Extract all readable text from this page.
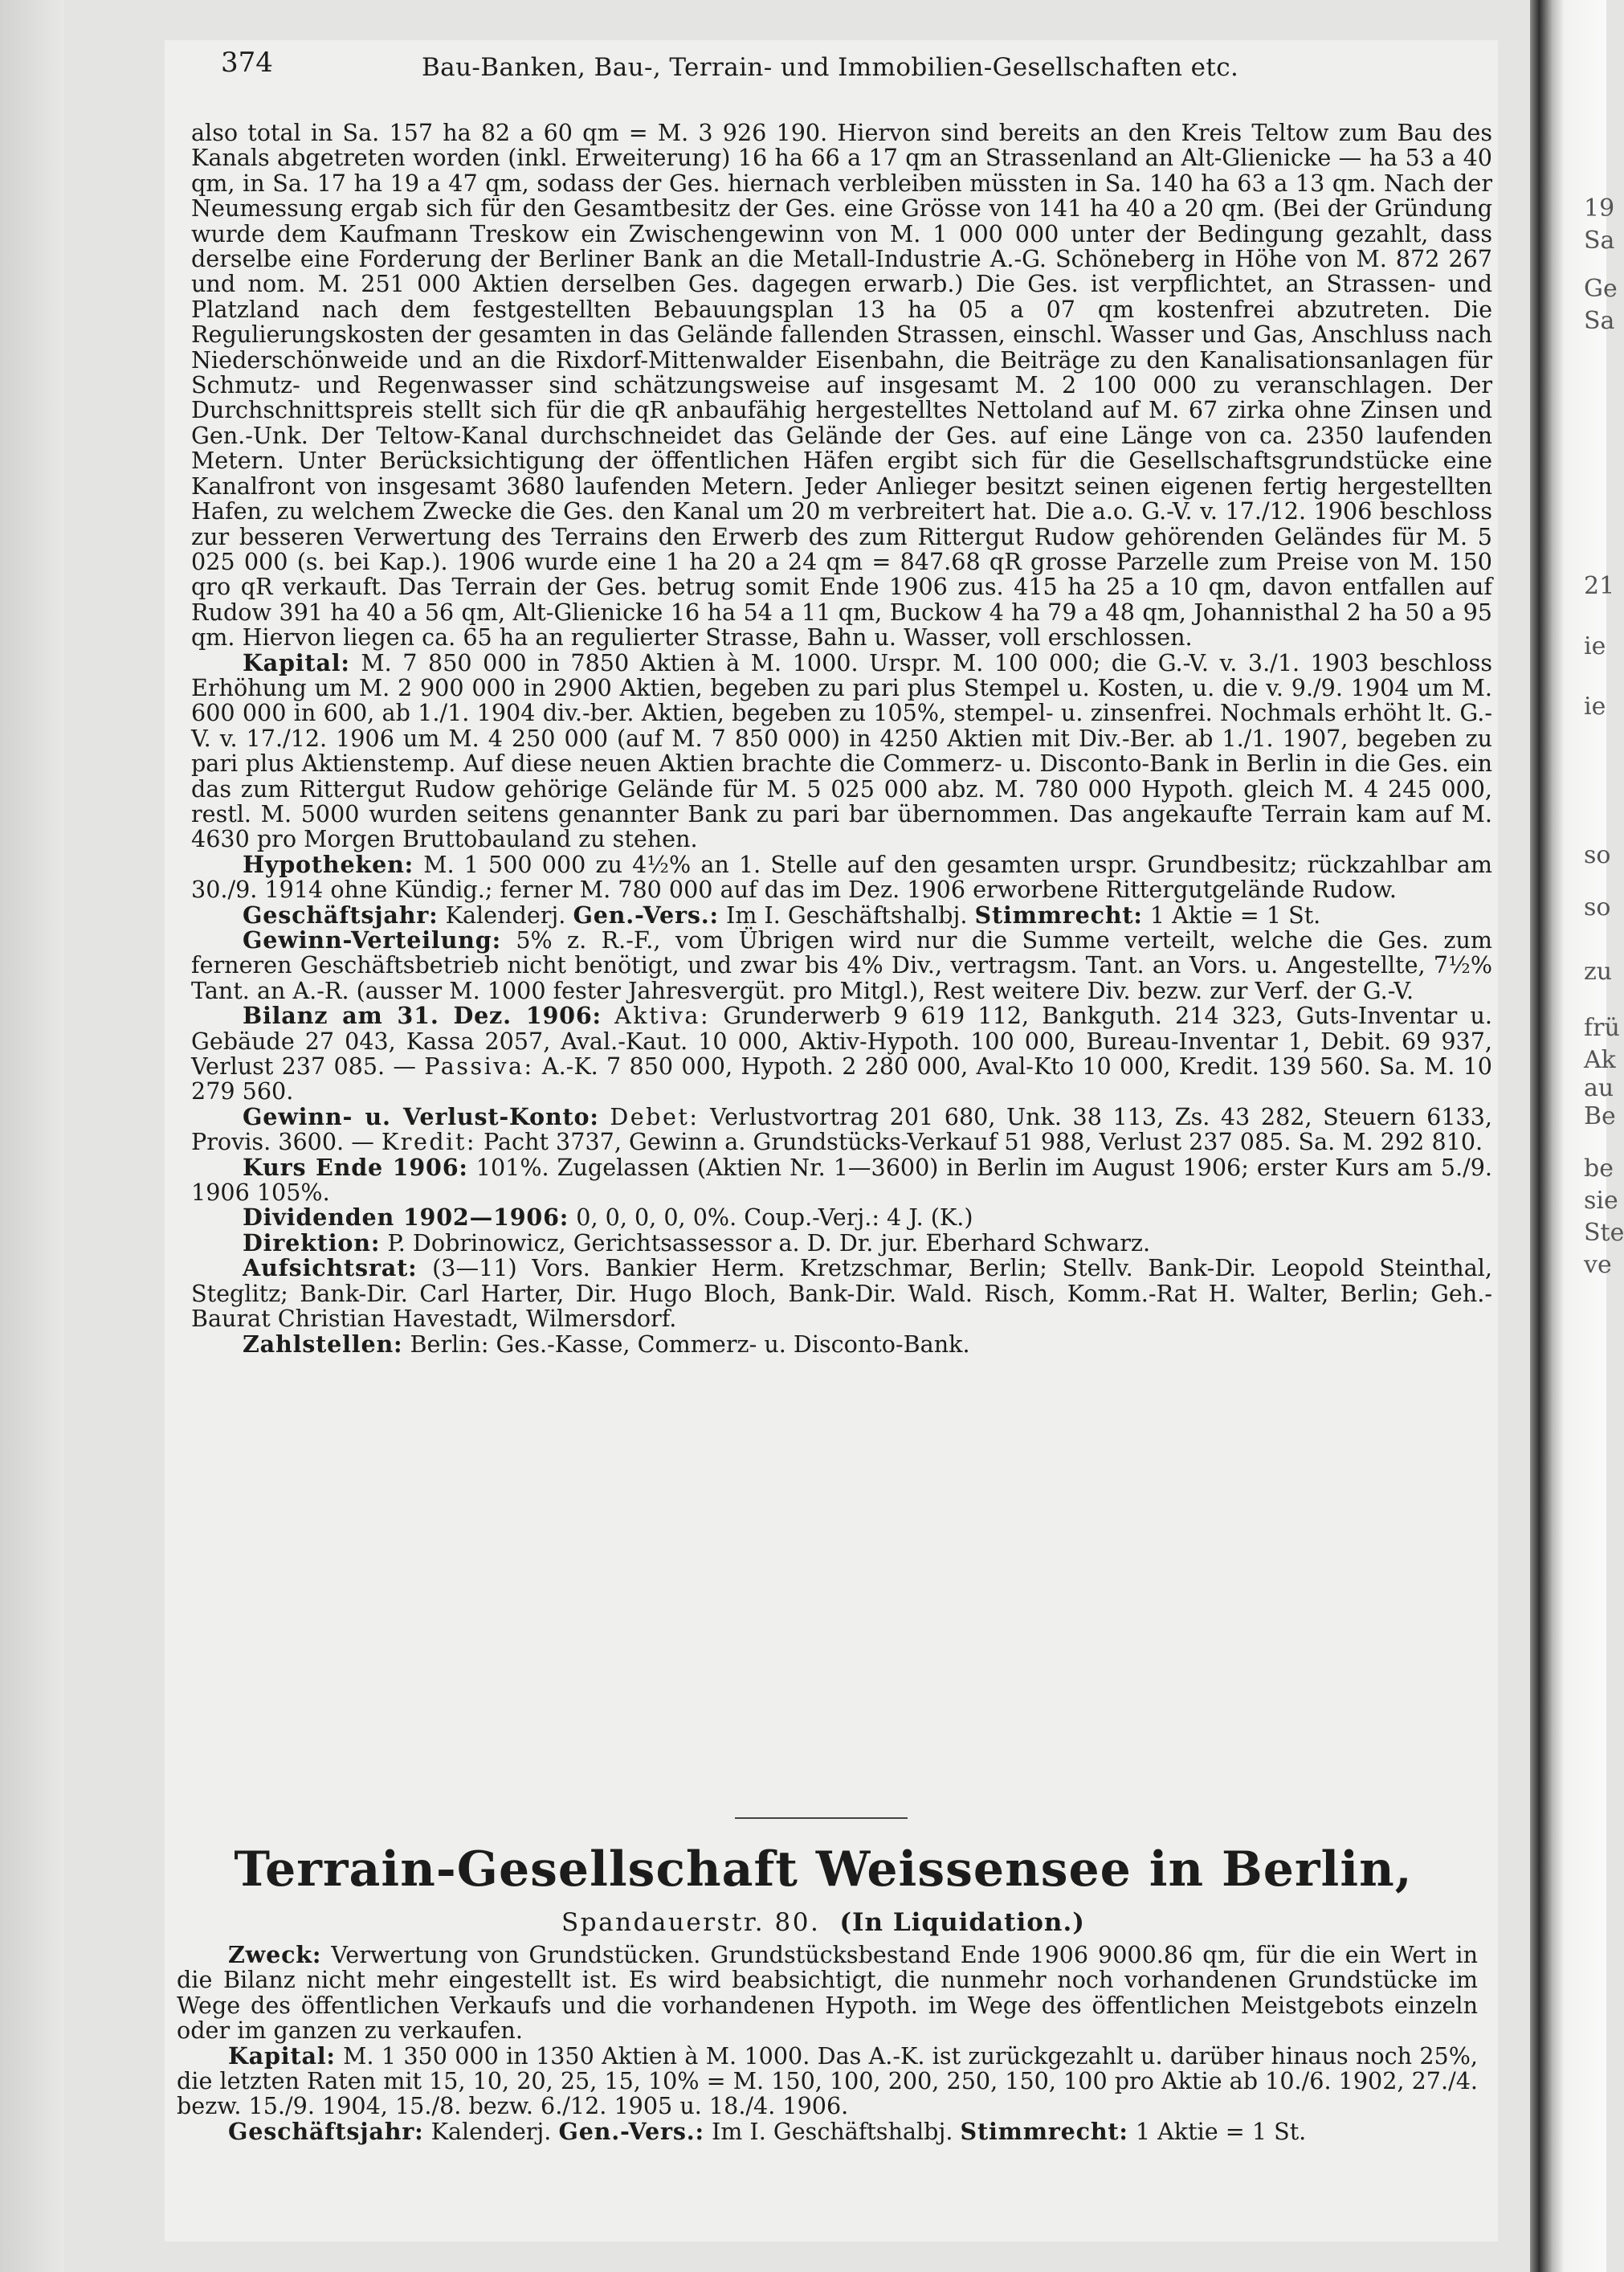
19
Sa
Ge
Sa
21
ie
ie
so
so
zu
frü
Ak
au
Be
be
sie
Ste
ve
374	Bau-Banken, Bau-, Terrain- und Immobilien-Gesellschaften etc.

also total in Sa. 157 ha 82 a 60 qm = M. 3 926 190. Hiervon sind bereits an den Kreis Teltow zum Bau des Kanals abgetreten worden (inkl. Erweiterung) 16 ha 66 a 17 qm an Strassenland an Alt-Glienicke — ha 53 a 40 qm, in Sa. 17 ha 19 a 47 qm, sodass der Ges. hiernach verbleiben müssten in Sa. 140 ha 63 a 13 qm. Nach der Neumessung ergab sich für den Gesamtbesitz der Ges. eine Grösse von 141 ha 40 a 20 qm. (Bei der Gründung wurde dem Kaufmann Treskow ein Zwischengewinn von M. 1 000 000 unter der Bedingung gezahlt, dass derselbe eine Forderung der Berliner Bank an die Metall-Industrie A.-G. Schöneberg in Höhe von M. 872 267 und nom. M. 251 000 Aktien derselben Ges. dagegen erwarb.) Die Ges. ist verpflichtet, an Strassen- und Platzland nach dem festgestellten Bebauungsplan 13 ha 05 a 07 qm kostenfrei abzutreten. Die Regulierungskosten der gesamten in das Gelände fallenden Strassen, einschl. Wasser und Gas, Anschluss nach Niederschönweide und an die Rixdorf-Mittenwalder Eisenbahn, die Beiträge zu den Kanalisationsanlagen für Schmutz- und Regenwasser sind schätzungsweise auf insgesamt M. 2 100 000 zu veranschlagen. Der Durchschnittspreis stellt sich für die qR anbaufähig hergestelltes Nettoland auf M. 67 zirka ohne Zinsen und Gen.-Unk. Der Teltow-Kanal durchschneidet das Gelände der Ges. auf eine Länge von ca. 2350 laufenden Metern. Unter Berücksichtigung der öffentlichen Häfen ergibt sich für die Gesellschaftsgrundstücke eine Kanalfront von insgesamt 3680 laufenden Metern. Jeder Anlieger besitzt seinen eigenen fertig hergestellten Hafen, zu welchem Zwecke die Ges. den Kanal um 20 m verbreitert hat. Die a.o. G.-V. v. 17./12. 1906 beschloss zur besseren Verwertung des Terrains den Erwerb des zum Rittergut Rudow gehörenden Geländes für M. 5 025 000 (s. bei Kap.). 1906 wurde eine 1 ha 20 a 24 qm = 847.68 qR grosse Parzelle zum Preise von M. 150 qro qR verkauft. Das Terrain der Ges. betrug somit Ende 1906 zus. 415 ha 25 a 10 qm, davon entfallen auf Rudow 391 ha 40 a 56 qm, Alt-Glienicke 16 ha 54 a 11 qm, Buckow 4 ha 79 a 48 qm, Johannisthal 2 ha 50 a 95 qm. Hiervon liegen ca. 65 ha an regulierter Strasse, Bahn u. Wasser, voll erschlossen.

Kapital: M. 7 850 000 in 7850 Aktien à M. 1000. Urspr. M. 100 000; die G.-V. v. 3./1. 1903 beschloss Erhöhung um M. 2 900 000 in 2900 Aktien, begeben zu pari plus Stempel u. Kosten, u. die v. 9./9. 1904 um M. 600 000 in 600, ab 1./1. 1904 div.-ber. Aktien, begeben zu 105%, stempel- u. zinsenfrei. Nochmals erhöht lt. G.-V. v. 17./12. 1906 um M. 4 250 000 (auf M. 7 850 000) in 4250 Aktien mit Div.-Ber. ab 1./1. 1907, begeben zu pari plus Aktienstemp. Auf diese neuen Aktien brachte die Commerz- u. Disconto-Bank in Berlin in die Ges. ein das zum Rittergut Rudow gehörige Gelände für M. 5 025 000 abz. M. 780 000 Hypoth. gleich M. 4 245 000, restl. M. 5000 wurden seitens genannter Bank zu pari bar übernommen. Das angekaufte Terrain kam auf M. 4630 pro Morgen Bruttobauland zu stehen.

Hypotheken: M. 1 500 000 zu 4½% an 1. Stelle auf den gesamten urspr. Grundbesitz; rückzahlbar am 30./9. 1914 ohne Kündig.; ferner M. 780 000 auf das im Dez. 1906 erworbene Rittergutgelände Rudow.

Geschäftsjahr: Kalenderj. Gen.-Vers.: Im I. Geschäftshalbj. Stimmrecht: 1 Aktie = 1 St.

Gewinn-Verteilung: 5% z. R.-F., vom Übrigen wird nur die Summe verteilt, welche die Ges. zum ferneren Geschäftsbetrieb nicht benötigt, und zwar bis 4% Div., vertragsm. Tant. an Vors. u. Angestellte, 7½% Tant. an A.-R. (ausser M. 1000 fester Jahresvergüt. pro Mitgl.), Rest weitere Div. bezw. zur Verf. der G.-V.

Bilanz am 31. Dez. 1906: Aktiva: Grunderwerb 9 619 112, Bankguth. 214 323, Guts-Inventar u. Gebäude 27 043, Kassa 2057, Aval.-Kaut. 10 000, Aktiv-Hypoth. 100 000, Bureau-Inventar 1, Debit. 69 937, Verlust 237 085. — Passiva: A.-K. 7 850 000, Hypoth. 2 280 000, Aval-Kto 10 000, Kredit. 139 560. Sa. M. 10 279 560.

Gewinn- u. Verlust-Konto: Debet: Verlustvortrag 201 680, Unk. 38 113, Zs. 43 282, Steuern 6133, Provis. 3600. — Kredit: Pacht 3737, Gewinn a. Grundstücks-Verkauf 51 988, Verlust 237 085. Sa. M. 292 810.

Kurs Ende 1906: 101%. Zugelassen (Aktien Nr. 1—3600) in Berlin im August 1906; erster Kurs am 5./9. 1906 105%.

Dividenden 1902—1906: 0, 0, 0, 0, 0%. Coup.-Verj.: 4 J. (K.)

Direktion: P. Dobrinowicz, Gerichtsassessor a. D. Dr. jur. Eberhard Schwarz.

Aufsichtsrat: (3—11) Vors. Bankier Herm. Kretzschmar, Berlin; Stellv. Bank-Dir. Leopold Steinthal, Steglitz; Bank-Dir. Carl Harter, Dir. Hugo Bloch, Bank-Dir. Wald. Risch, Komm.-Rat H. Walter, Berlin; Geh.-Baurat Christian Havestadt, Wilmersdorf.

Zahlstellen: Berlin: Ges.-Kasse, Commerz- u. Disconto-Bank.

Terrain-Gesellschaft Weissensee in Berlin,
Spandauerstr. 80. (In Liquidation.)

Zweck: Verwertung von Grundstücken. Grundstücksbestand Ende 1906 9000.86 qm, für die ein Wert in die Bilanz nicht mehr eingestellt ist. Es wird beabsichtigt, die nunmehr noch vorhandenen Grundstücke im Wege des öffentlichen Verkaufs und die vorhandenen Hypoth. im Wege des öffentlichen Meistgebots einzeln oder im ganzen zu verkaufen.

Kapital: M. 1 350 000 in 1350 Aktien à M. 1000. Das A.-K. ist zurückgezahlt u. darüber hinaus noch 25%, die letzten Raten mit 15, 10, 20, 25, 15, 10% = M. 150, 100, 200, 250, 150, 100 pro Aktie ab 10./6. 1902, 27./4. bezw. 15./9. 1904, 15./8. bezw. 6./12. 1905 u. 18./4. 1906.

Geschäftsjahr: Kalenderj. Gen.-Vers.: Im I. Geschäftshalbj. Stimmrecht: 1 Aktie = 1 St.
